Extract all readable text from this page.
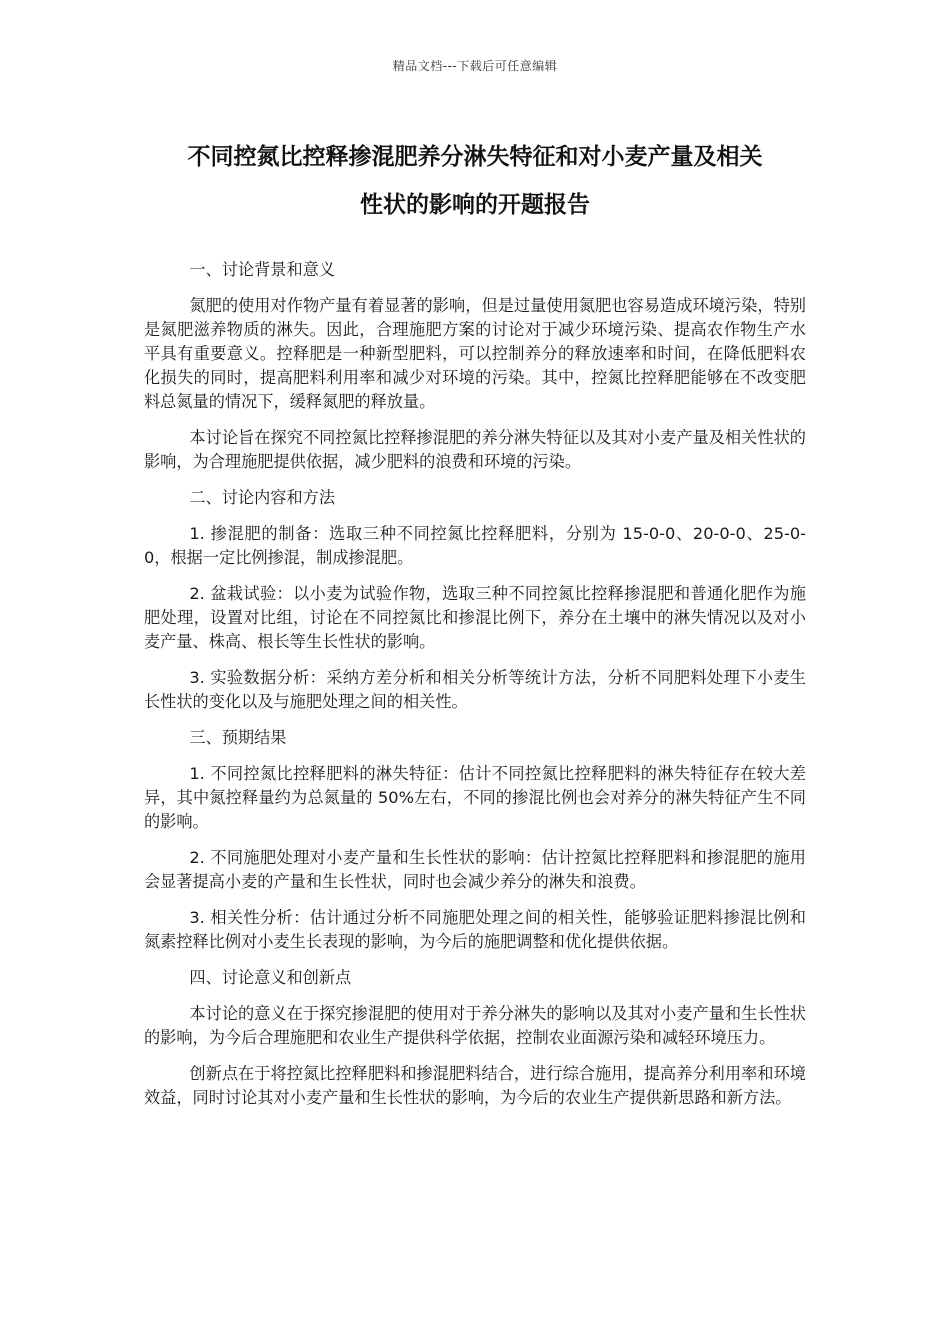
精品文档---下载后可任意编辑
不同控氮比控释掺混肥养分淋失特征和对小麦产量及相关
性状的影响的开题报告

一、讨论背景和意义

氮肥的使用对作物产量有着显著的影响，但是过量使用氮肥也容易造成环境污染，特别是氮肥滋养物质的淋失。因此，合理施肥方案的讨论对于减少环境污染、提高农作物生产水平具有重要意义。控释肥是一种新型肥料，可以控制养分的释放速率和时间，在降低肥料农化损失的同时，提高肥料利用率和减少对环境的污染。其中，控氮比控释肥能够在不改变肥料总氮量的情况下，缓释氮肥的释放量。

本讨论旨在探究不同控氮比控释掺混肥的养分淋失特征以及其对小麦产量及相关性状的影响，为合理施肥提供依据，减少肥料的浪费和环境的污染。

二、讨论内容和方法

1. 掺混肥的制备：选取三种不同控氮比控释肥料，分别为 15-0-0、20-0-0、25-0-0，根据一定比例掺混，制成掺混肥。

2. 盆栽试验：以小麦为试验作物，选取三种不同控氮比控释掺混肥和普通化肥作为施肥处理，设置对比组，讨论在不同控氮比和掺混比例下，养分在土壤中的淋失情况以及对小麦产量、株高、根长等生长性状的影响。

3. 实验数据分析：采纳方差分析和相关分析等统计方法，分析不同肥料处理下小麦生长性状的变化以及与施肥处理之间的相关性。

三、预期结果

1. 不同控氮比控释肥料的淋失特征：估计不同控氮比控释肥料的淋失特征存在较大差异，其中氮控释量约为总氮量的 50%左右，不同的掺混比例也会对养分的淋失特征产生不同的影响。

2. 不同施肥处理对小麦产量和生长性状的影响：估计控氮比控释肥料和掺混肥的施用会显著提高小麦的产量和生长性状，同时也会减少养分的淋失和浪费。

3. 相关性分析：估计通过分析不同施肥处理之间的相关性，能够验证肥料掺混比例和氮素控释比例对小麦生长表现的影响，为今后的施肥调整和优化提供依据。

四、讨论意义和创新点

本讨论的意义在于探究掺混肥的使用对于养分淋失的影响以及其对小麦产量和生长性状的影响，为今后合理施肥和农业生产提供科学依据，控制农业面源污染和减轻环境压力。

创新点在于将控氮比控释肥料和掺混肥料结合，进行综合施用，提高养分利用率和环境效益，同时讨论其对小麦产量和生长性状的影响，为今后的农业生产提供新思路和新方法。
